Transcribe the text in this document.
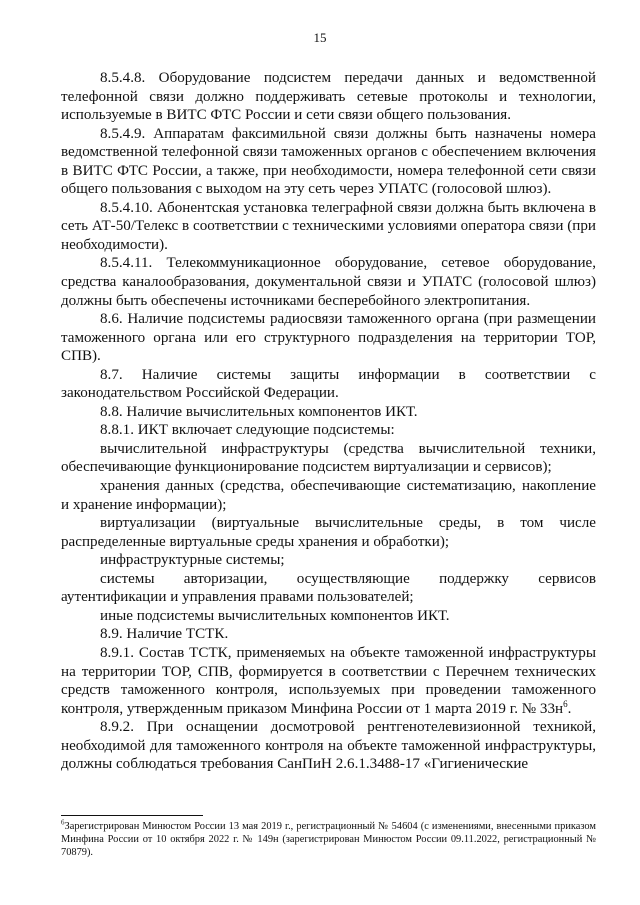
15

8.5.4.8. Оборудование подсистем передачи данных и ведомственной телефонной связи должно поддерживать сетевые протоколы и технологии, используемые в ВИТС ФТС России и сети связи общего пользования.

8.5.4.9. Аппаратам факсимильной связи должны быть назначены номера ведомственной телефонной связи таможенных органов с обеспечением включения в ВИТС ФТС России, а также, при необходимости, номера телефонной сети связи общего пользования с выходом на эту сеть через УПАТС (голосовой шлюз).

8.5.4.10. Абонентская установка телеграфной связи должна быть включена в сеть АТ-50/Телекс в соответствии с техническими условиями оператора связи (при необходимости).

8.5.4.11. Телекоммуникационное оборудование, сетевое оборудование, средства каналообразования, документальной связи и УПАТС (голосовой шлюз) должны быть обеспечены источниками бесперебойного электропитания.

8.6. Наличие подсистемы радиосвязи таможенного органа (при размещении таможенного органа или его структурного подразделения на территории ТОР, СПВ).

8.7. Наличие системы защиты информации в соответствии с законодательством Российской Федерации.

8.8. Наличие вычислительных компонентов ИКТ.

8.8.1. ИКТ включает следующие подсистемы:

вычислительной инфраструктуры (средства вычислительной техники, обеспечивающие функционирование подсистем виртуализации и сервисов);

хранения данных (средства, обеспечивающие систематизацию, накопление и хранение информации);

виртуализации (виртуальные вычислительные среды, в том числе распределенные виртуальные среды хранения и обработки);

инфраструктурные системы;

системы авторизации, осуществляющие поддержку сервисов аутентификации и управления правами пользователей;

иные подсистемы вычислительных компонентов ИКТ.

8.9. Наличие ТСТК.

8.9.1. Состав ТСТК, применяемых на объекте таможенной инфраструктуры на территории ТОР, СПВ, формируется в соответствии с Перечнем технических средств таможенного контроля, используемых при проведении таможенного контроля, утвержденным приказом Минфина России от 1 марта 2019 г. № 33н$^6$.

8.9.2. При оснащении досмотровой рентгенотелевизионной техникой, необходимой для таможенного контроля на объекте таможенной инфраструктуры, должны соблюдаться требования СанПиН 2.6.1.3488-17 «Гигиенические

$^6$Зарегистрирован Минюстом России 13 мая 2019 г., регистрационный № 54604 (с изменениями, внесенными приказом Минфина России от 10 октября 2022 г. № 149н (зарегистрирован Минюстом России 09.11.2022, регистрационный № 70879).
